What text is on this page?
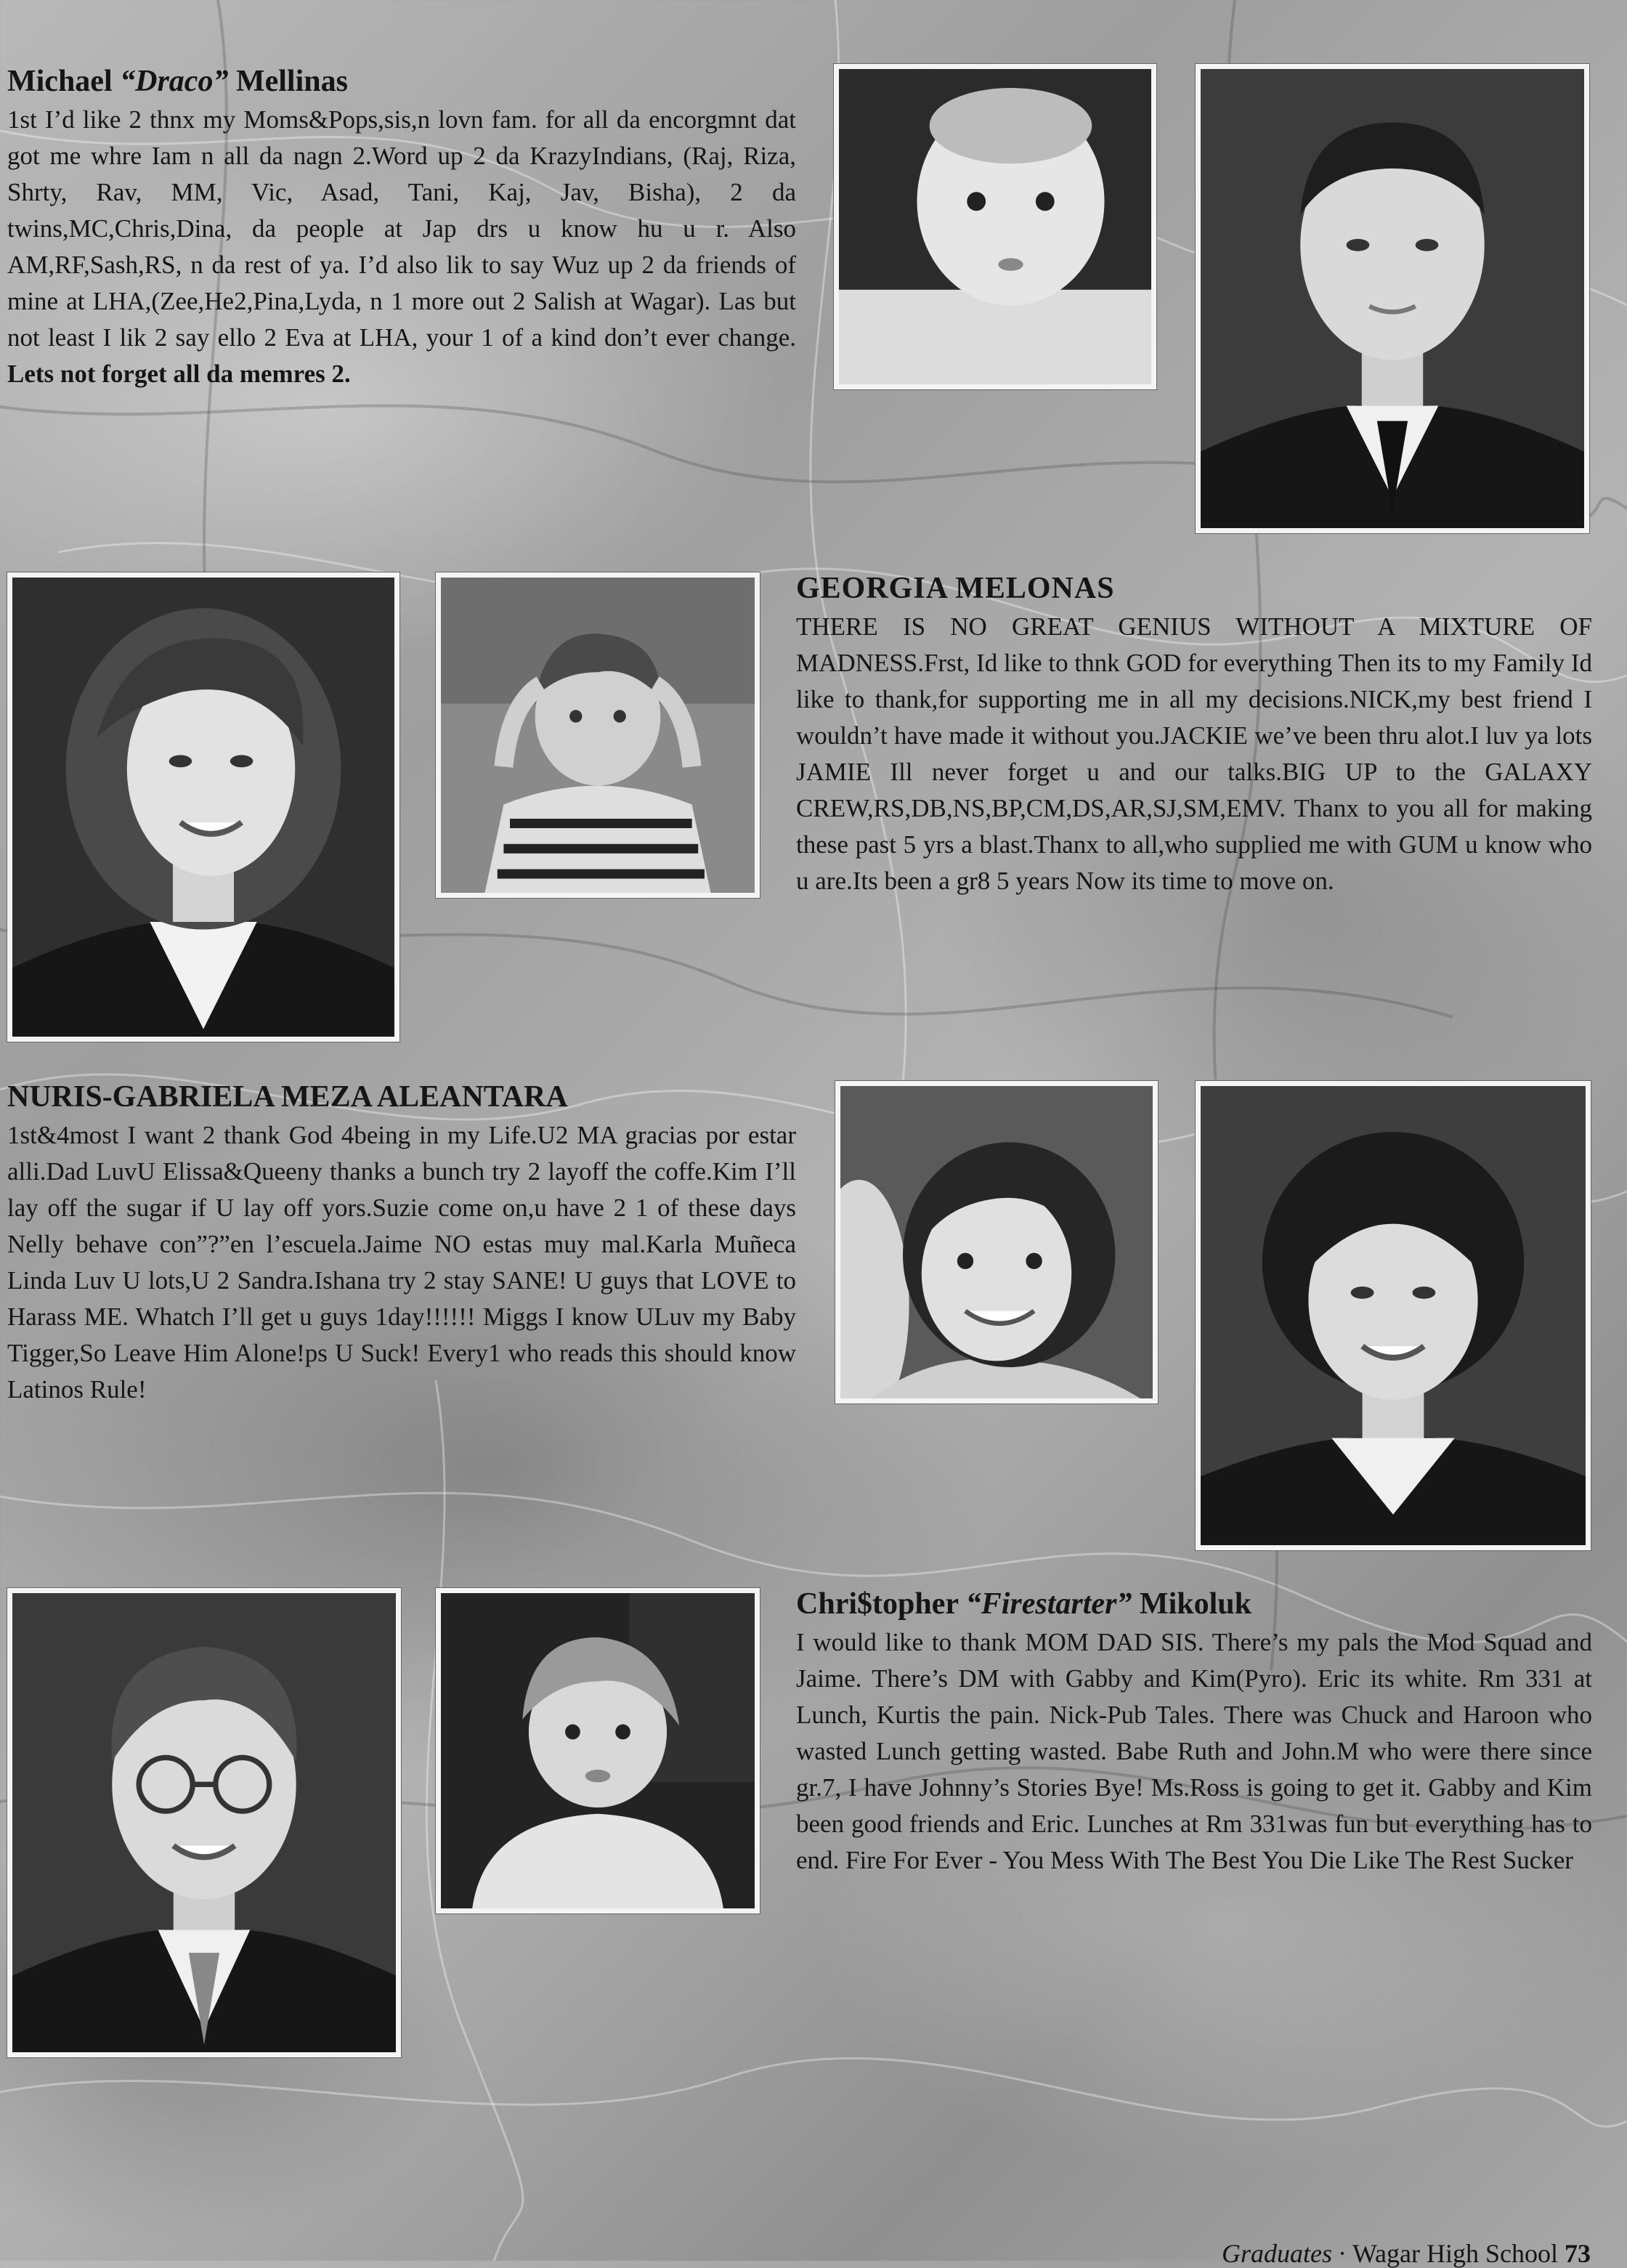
Michael “Draco” Mellinas

1st I’d like 2 thnx my Moms&Pops,sis,n lovn fam. for all da encorgmnt dat got me whre Iam n all da nagn 2.Word up 2 da KrazyIndians, (Raj, Riza, Shrty, Rav, MM, Vic, Asad, Tani, Kaj, Jav, Bisha), 2 da twins,MC,Chris,Dina, da people at Jap drs u know hu u r. Also AM,RF,Sash,RS, n da rest of ya. I’d also lik to say Wuz up 2 da friends of mine at LHA,(Zee,He2,Pina,Lyda, n 1 more out 2 Salish at Wagar). Las but not least I lik 2 say ello 2 Eva at LHA, your 1 of a kind don’t ever change. Lets not forget all da memres 2.

GEORGIA MELONAS

THERE IS NO GREAT GENIUS WITHOUT A MIXTURE OF MADNESS.Frst, Id like to thnk GOD for everything Then its to my Family Id like to thank,for supporting me in all my decisions.NICK,my best friend I wouldn’t have made it without you.JACKIE we’ve been thru alot.I luv ya lots JAMIE Ill never forget u and our talks.BIG UP to the GALAXY CREW,RS,DB,NS,BP,CM,DS,AR,SJ,SM,EMV. Thanx to you all for making these past 5 yrs a blast.Thanx to all,who supplied me with GUM u know who u are.Its been a gr8 5 years Now its time to move on.

NURIS-GABRIELA MEZA ALEANTARA

1st&4most I want 2 thank God 4being in my Life.U2 MA gracias por estar alli.Dad LuvU Elissa&Queeny thanks a bunch try 2 layoff the coffe.Kim I’ll lay off the sugar if U lay off yors.Suzie come on,u have 2 1 of these days Nelly behave con”?”en l’escuela.Jaime NO estas muy mal.Karla Muñeca Linda Luv U lots,U 2 Sandra.Ishana try 2 stay SANE! U guys that LOVE to Harass ME. Whatch I’ll get u guys 1day!!!!!! Miggs I know ULuv my Baby Tigger,So Leave Him Alone!ps U Suck! Every1 who reads this should know Latinos Rule!

Chri$topher “Firestarter” Mikoluk

I would like to thank MOM DAD SIS. There’s my pals the Mod Squad and Jaime. There’s DM with Gabby and Kim(Pyro). Eric its white. Rm 331 at Lunch, Kurtis the pain. Nick-Pub Tales. There was Chuck and Haroon who wasted Lunch getting wasted. Babe Ruth and John.M who were there since gr.7, I have Johnny’s Stories Bye! Ms.Ross is going to get it. Gabby and Kim been good friends and Eric. Lunches at Rm 331was fun but everything has to end. Fire For Ever - You Mess With The Best You Die Like The Rest Sucker

Graduates · Wagar High School 73
